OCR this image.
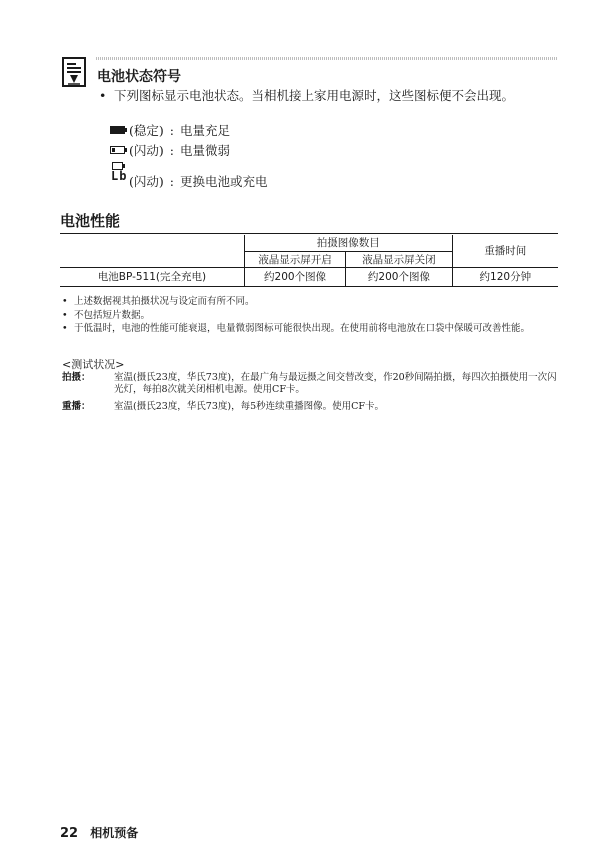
电池状态符号
• 下列图标显示电池状态。当相机接上家用电源时，这些图标便不会出现。
(稳定) : 电量充足
(闪动) : 电量微弱
Lb (闪动) : 更换电池或充电
电池性能
	拍摄图像数目		重播时间
	液晶显示屏开启	液晶显示屏关闭	
电池BP-511(完全充电)	约200个图像	约200个图像	约120分钟
• 上述数据视其拍摄状况与设定而有所不同。
• 不包括短片数据。
• 于低温时，电池的性能可能衰退，电量微弱图标可能很快出现。在使用前将电池放在口袋中保暖可改善性能。
<测试状况>
拍摄：	室温(摄氏23度，华氏73度)，在最广角与最远摄之间交替改变，作20秒间隔拍摄，每四次拍摄使用一次闪光灯，每拍8次就关闭相机电源。使用CF卡。
重播：	室温(摄氏23度，华氏73度)，每5秒连续重播图像。使用CF卡。
22 相机预备
